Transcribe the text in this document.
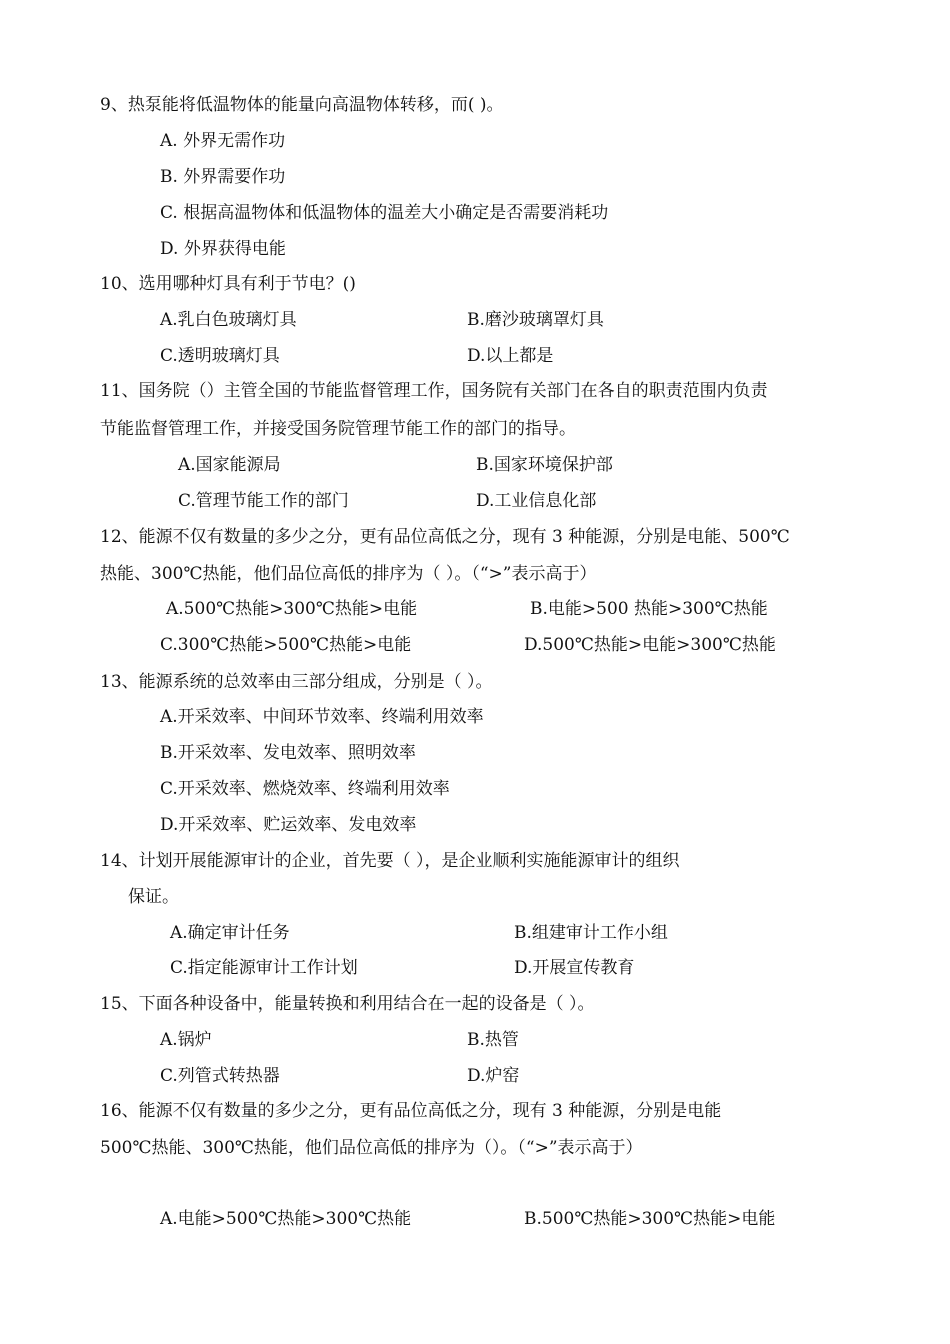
9、热泵能将低温物体的能量向高温物体转移，而( )。
A. 外界无需作功
B. 外界需要作功
C. 根据高温物体和低温物体的温差大小确定是否需要消耗功
D. 外界获得电能
10、选用哪种灯具有利于节电？()
A.乳白色玻璃灯具	B.磨沙玻璃罩灯具
C.透明玻璃灯具	D.以上都是
11、国务院（）主管全国的节能监督管理工作，国务院有关部门在各自的职责范围内负责
节能监督管理工作，并接受国务院管理节能工作的部门的指导。
A.国家能源局	B.国家环境保护部
C.管理节能工作的部门	D.工业信息化部
12、能源不仅有数量的多少之分，更有品位高低之分，现有 3 种能源，分别是电能、500℃
热能、300℃热能，他们品位高低的排序为（ ）。（“>”表示高于）
A.500℃热能>300℃热能>电能	B.电能>500 热能>300℃热能
C.300℃热能>500℃热能>电能	D.500℃热能>电能>300℃热能
13、能源系统的总效率由三部分组成，分别是（ ）。
A.开采效率、中间环节效率、终端利用效率
B.开采效率、发电效率、照明效率
C.开采效率、燃烧效率、终端利用效率
D.开采效率、贮运效率、发电效率
14、计划开展能源审计的企业，首先要（ ），是企业顺利实施能源审计的组织
保证。
A.确定审计任务	B.组建审计工作小组
C.指定能源审计工作计划	D.开展宣传教育
15、下面各种设备中，能量转换和利用结合在一起的设备是（ ）。
A.锅炉	B.热管
C.列管式转热器	D.炉窑
16、能源不仅有数量的多少之分，更有品位高低之分，现有 3 种能源，分别是电能
500℃热能、300℃热能，他们品位高低的排序为（）。（“>”表示高于）
A.电能>500℃热能>300℃热能	B.500℃热能>300℃热能>电能
